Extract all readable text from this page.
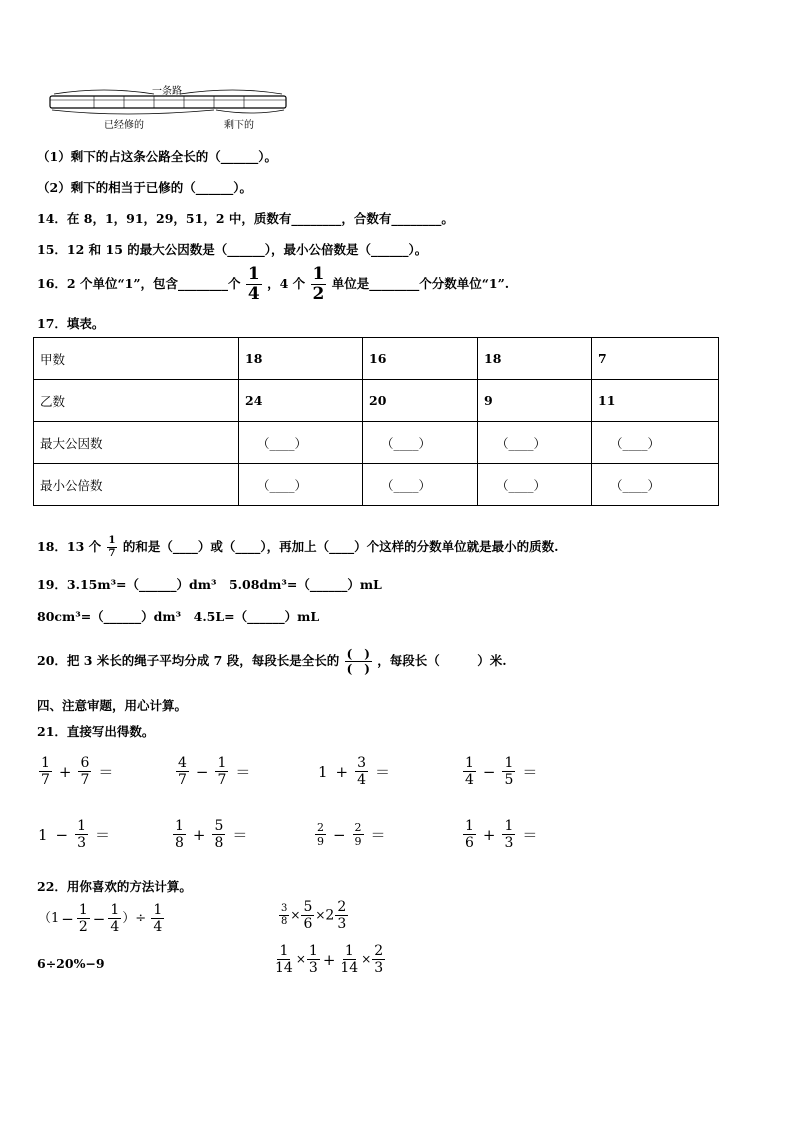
一条路
已经修的	剩下的
（1）剩下的占这条公路全长的（______）。
（2）剩下的相当于已修的（______）。
14．在 8，1，91，29，51，2 中，质数有________，合数有________。
15．12 和 15 的最大公因数是（______），最小公倍数是（______）。
16．2 个单位“1”，包含________个 $\frac{1}{4}$ ，4 个 $\frac{1}{2}$ 单位是________个分数单位“1”.
17．填表。
甲数	18	16	18	7
乙数	24	20	9	11
最大公因数	（____）	（____）	（____）	（____）
最小公倍数	（____）	（____）	（____）	（____）
18．13 个 $\frac{1}{7}$ 的和是（____）或（____），再加上（____）个这样的分数单位就是最小的质数.
19．3.15m³=（______）dm³　5.08dm³=（______）mL
80cm³=（______）dm³　4.5L=（______）mL
20．把 3 米长的绳子平均分成 7 段，每段长是全长的 $\frac{( )}{( )}$ ，每段长（　　　）米.
四、注意审题，用心计算。
21．直接写出得数。
$\frac{1}{7} + \frac{6}{7}$ ＝	$\frac{4}{7} - \frac{1}{7}$ ＝	$1 + \frac{3}{4}$ ＝	$\frac{1}{4} - \frac{1}{5}$ ＝
$1 - \frac{1}{3}$ ＝	$\frac{1}{8} + \frac{5}{8}$ ＝	$\frac{2}{9} - \frac{2}{9}$ ＝	$\frac{1}{6} + \frac{1}{3}$ ＝
22．用你喜欢的方法计算。
（$1 - \frac{1}{2} - \frac{1}{4}$ ）÷ $\frac{1}{4}$	$\frac{3}{8} \times \frac{5}{6} \times 2 \frac{2}{3}$
6÷20%−9	$\frac{1}{14} \times \frac{1}{3} + \frac{1}{14} \times \frac{2}{3}$
